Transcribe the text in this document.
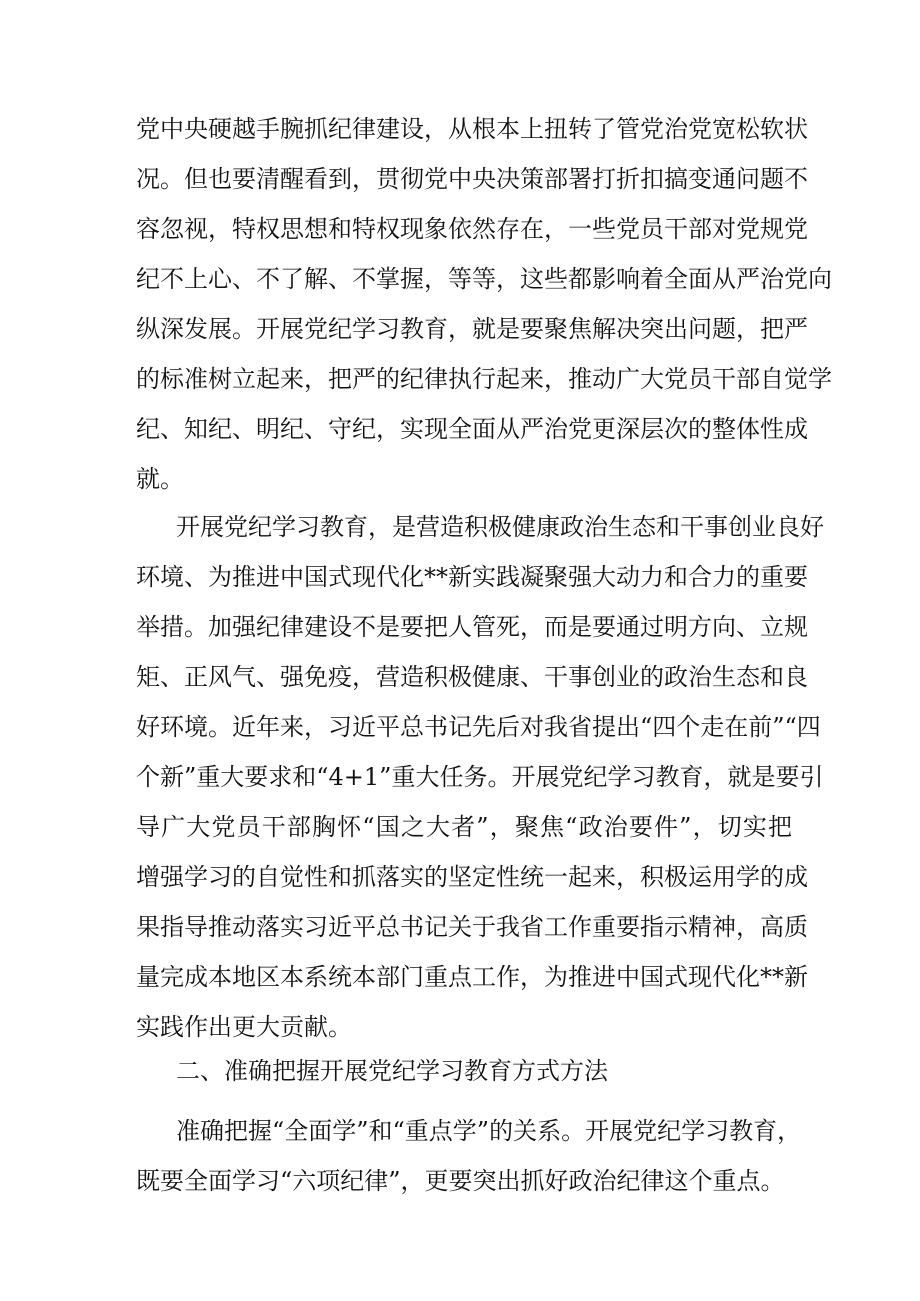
党中央硬越手腕抓纪律建设，从根本上扭转了管党治党宽松软状
况。但也要清醒看到，贯彻党中央决策部署打折扣搞变通问题不
容忽视，特权思想和特权现象依然存在，一些党员干部对党规党
纪不上心、不了解、不掌握，等等，这些都影响着全面从严治党向
纵深发展。开展党纪学习教育，就是要聚焦解决突出问题，把严
的标准树立起来，把严的纪律执行起来，推动广大党员干部自觉学
纪、知纪、明纪、守纪，实现全面从严治党更深层次的整体性成
就。
开展党纪学习教育，是营造积极健康政治生态和干事创业良好
环境、为推进中国式现代化**新实践凝聚强大动力和合力的重要
举措。加强纪律建设不是要把人管死，而是要通过明方向、立规
矩、正风气、强免疫，营造积极健康、干事创业的政治生态和良
好环境。近年来，习近平总书记先后对我省提出“四个走在前”“四
个新”重大要求和“4+1”重大任务。开展党纪学习教育，就是要引
导广大党员干部胸怀“国之大者”，聚焦“政治要件”，切实把
增强学习的自觉性和抓落实的坚定性统一起来，积极运用学的成
果指导推动落实习近平总书记关于我省工作重要指示精神，高质
量完成本地区本系统本部门重点工作，为推进中国式现代化**新
实践作出更大贡献。
二、准确把握开展党纪学习教育方式方法
准确把握“全面学”和“重点学”的关系。开展党纪学习教育，
既要全面学习“六项纪律”，更要突出抓好政治纪律这个重点。
